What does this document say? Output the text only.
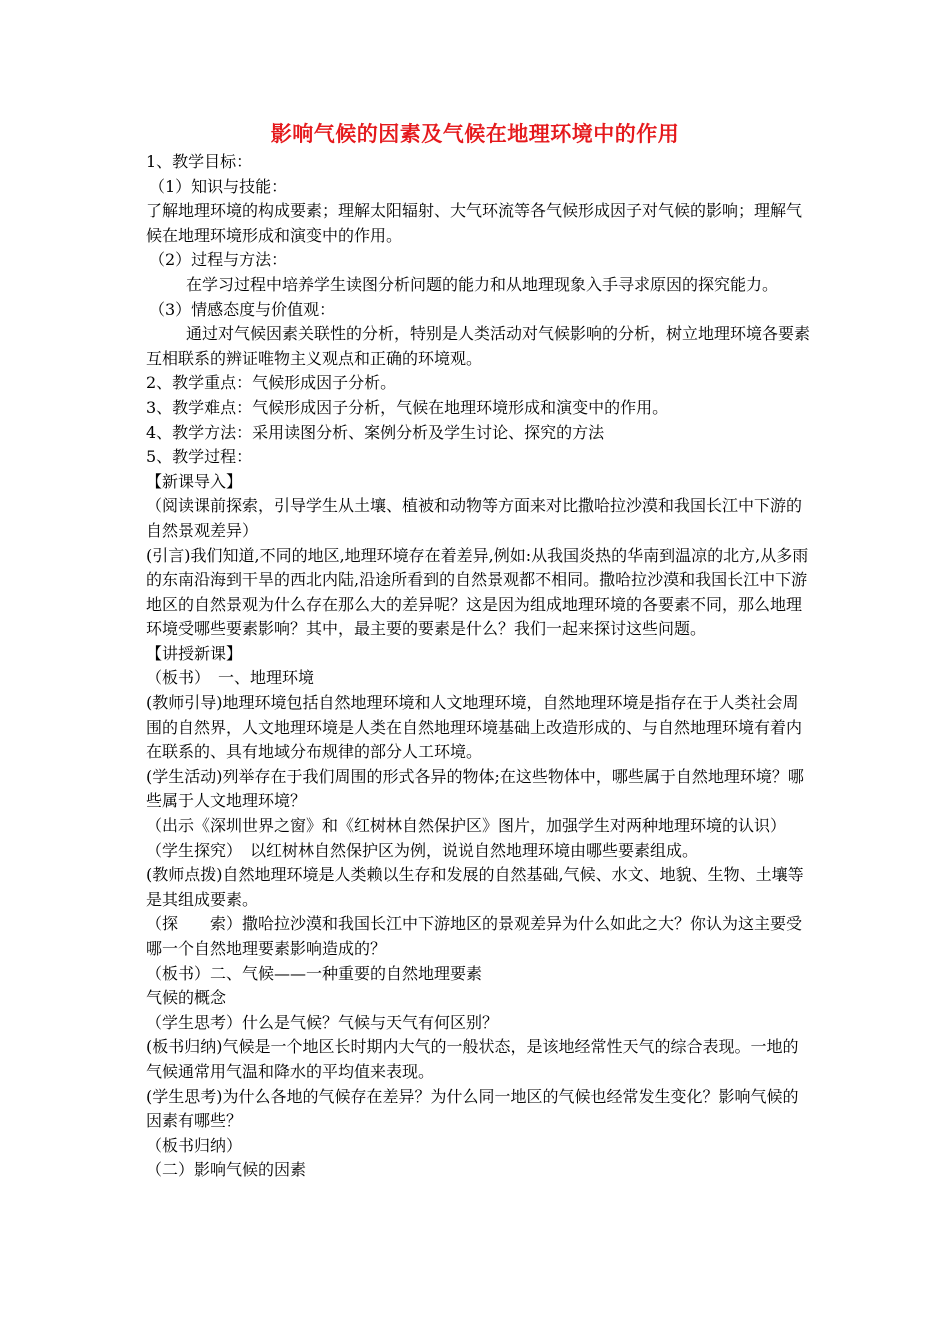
影响气候的因素及气候在地理环境中的作用

1、教学目标：

（1）知识与技能：

了解地理环境的构成要素；理解太阳辐射、大气环流等各气候形成因子对气候的影响；理解气候在地理环境形成和演变中的作用。

（2）过程与方法：

在学习过程中培养学生读图分析问题的能力和从地理现象入手寻求原因的探究能力。

（3）情感态度与价值观：

通过对气候因素关联性的分析，特别是人类活动对气候影响的分析，树立地理环境各要素互相联系的辨证唯物主义观点和正确的环境观。

2、教学重点：气候形成因子分析。

3、教学难点：气候形成因子分析，气候在地理环境形成和演变中的作用。

4、教学方法：采用读图分析、案例分析及学生讨论、探究的方法

5、教学过程：

【新课导入】

（阅读课前探索，引导学生从土壤、植被和动物等方面来对比撒哈拉沙漠和我国长江中下游的自然景观差异）

(引言)我们知道,不同的地区,地理环境存在着差异,例如:从我国炎热的华南到温凉的北方,从多雨的东南沿海到干旱的西北内陆,沿途所看到的自然景观都不相同。撒哈拉沙漠和我国长江中下游地区的自然景观为什么存在那么大的差异呢？这是因为组成地理环境的各要素不同，那么地理环境受哪些要素影响？其中，最主要的要素是什么？我们一起来探讨这些问题。

【讲授新课】

（板书）　一、地理环境

(教师引导)地理环境包括自然地理环境和人文地理环境，自然地理环境是指存在于人类社会周围的自然界，人文地理环境是人类在自然地理环境基础上改造形成的、与自然地理环境有着内在联系的、具有地域分布规律的部分人工环境。

(学生活动)列举存在于我们周围的形式各异的物体;在这些物体中，哪些属于自然地理环境？哪些属于人文地理环境？

（出示《深圳世界之窗》和《红树林自然保护区》图片，加强学生对两种地理环境的认识）

（学生探究）　以红树林自然保护区为例，说说自然地理环境由哪些要素组成。

(教师点拨)自然地理环境是人类赖以生存和发展的自然基础,气候、水文、地貌、生物、土壤等是其组成要素。

（探　　索）撒哈拉沙漠和我国长江中下游地区的景观差异为什么如此之大？你认为这主要受哪一个自然地理要素影响造成的？

（板书）二、气候——一种重要的自然地理要素

气候的概念

（学生思考）什么是气候？气候与天气有何区别？

(板书归纳)气候是一个地区长时期内大气的一般状态，是该地经常性天气的综合表现。一地的气候通常用气温和降水的平均值来表现。

(学生思考)为什么各地的气候存在差异？为什么同一地区的气候也经常发生变化？影响气候的因素有哪些？

（板书归纳）

（二）影响气候的因素
